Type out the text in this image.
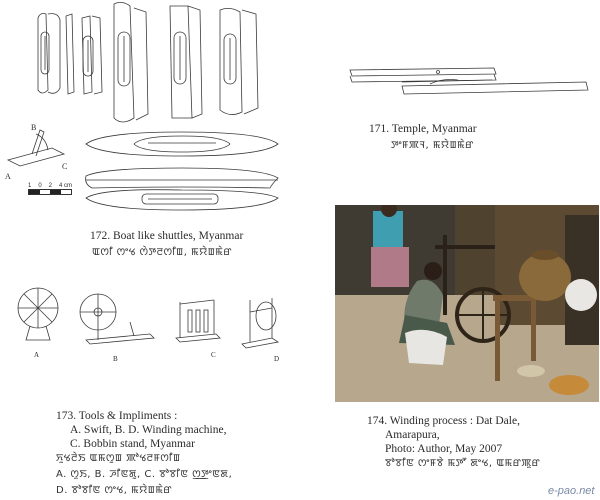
B
A
C
1 0 2 4 cm
172. Boat like shuttles, Myanmar
ꯑꯁꯤ ꯁꯦꯠ ꯁꯥꯇꯂꯁꯤꯡ, ꯃꯌꯥꯡꯃꯥꯔ
171. Temple, Myanmar
ꯇꯦꯝꯄꯜ, ꯃꯌꯥꯡꯃꯥꯔ
A	B	C	D
173. Tools & Impliments :
A. Swift, B. D. Winding machine,
C. Bobbin stand, Myanmar
ꯈꯨꯠꯂꯥꯏ ꯑꯃꯁꯨꯡ ꯄꯣꯠꯂꯝꯁꯤꯡ
A. ꯁꯨꯏ, B. ꯍꯤꯟꯗꯨ, C. ꯕꯣꯕꯤꯟ ꯁ꯭ꯇꯦꯟꯗ,
D. ꯕꯣꯕꯤꯟ ꯁꯦꯠ, ꯃꯌꯥꯡꯃꯥꯔ
174. Winding process : Dat Dale,
Amarapura,
Photo: Author, May 2007
ꯕꯣꯕꯤꯟ ꯁꯦꯝꯕꯥ ꯃꯇꯧ ꯗꯦꯠ, ꯑꯃꯔꯄꯨꯔ
e-pao.net
